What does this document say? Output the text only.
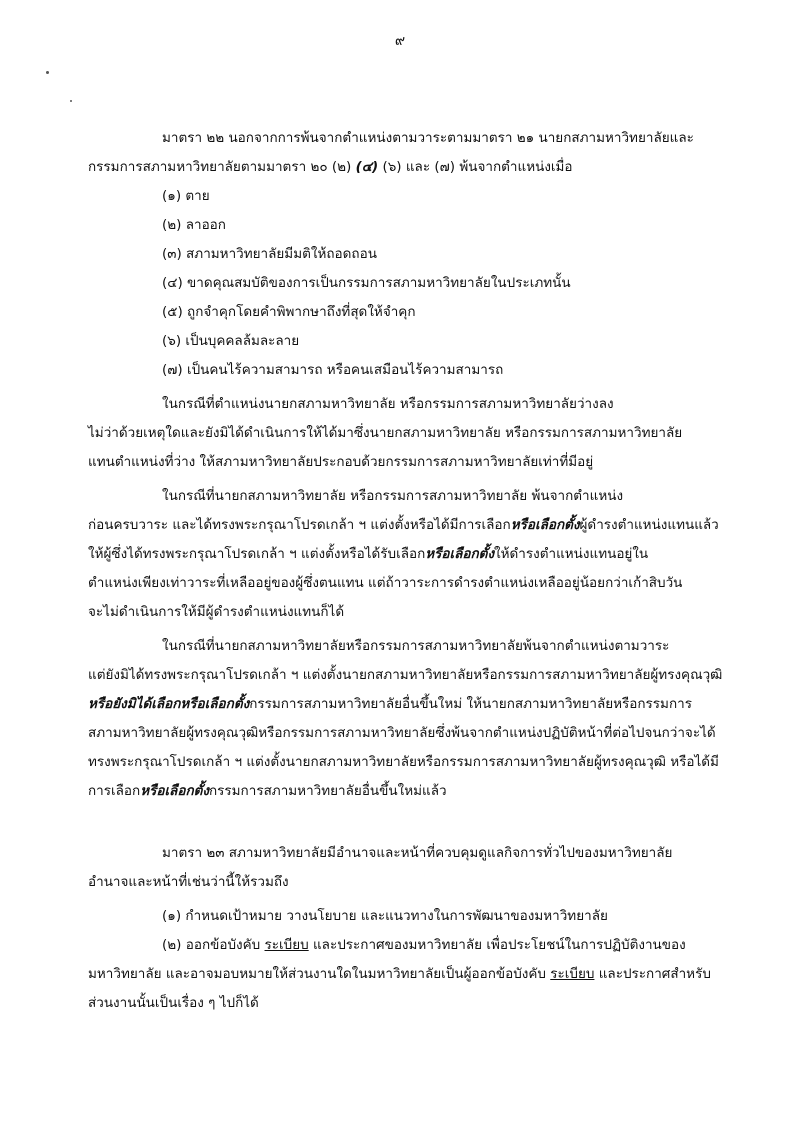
๙
มาตรา ๒๒ นอกจากการพ้นจากตำแหน่งตามวาระตามมาตรา ๒๑ นายกสภามหาวิทยาลัยและ
กรรมการสภามหาวิทยาลัยตามมาตรา ๒๐ (๒) (๔) (๖) และ (๗) พ้นจากตำแหน่งเมื่อ
(๑) ตาย
(๒) ลาออก
(๓) สภามหาวิทยาลัยมีมติให้ถอดถอน
(๔) ขาดคุณสมบัติของการเป็นกรรมการสภามหาวิทยาลัยในประเภทนั้น
(๕) ถูกจำคุกโดยคำพิพากษาถึงที่สุดให้จำคุก
(๖) เป็นบุคคลล้มละลาย
(๗) เป็นคนไร้ความสามารถ หรือคนเสมือนไร้ความสามารถ
ในกรณีที่ตำแหน่งนายกสภามหาวิทยาลัย หรือกรรมการสภามหาวิทยาลัยว่างลง
ไม่ว่าด้วยเหตุใดและยังมิได้ดำเนินการให้ได้มาซึ่งนายกสภามหาวิทยาลัย หรือกรรมการสภามหาวิทยาลัย
แทนตำแหน่งที่ว่าง ให้สภามหาวิทยาลัยประกอบด้วยกรรมการสภามหาวิทยาลัยเท่าที่มีอยู่
ในกรณีที่นายกสภามหาวิทยาลัย หรือกรรมการสภามหาวิทยาลัย พ้นจากตำแหน่ง
ก่อนครบวาระ และได้ทรงพระกรุณาโปรดเกล้า ฯ แต่งตั้งหรือได้มีการเลือกหรือเลือกตั้งผู้ดำรงตำแหน่งแทนแล้ว
ให้ผู้ซึ่งได้ทรงพระกรุณาโปรดเกล้า ฯ แต่งตั้งหรือได้รับเลือกหรือเลือกตั้งให้ดำรงตำแหน่งแทนอยู่ใน
ตำแหน่งเพียงเท่าวาระที่เหลืออยู่ของผู้ซึ่งตนแทน แต่ถ้าวาระการดำรงตำแหน่งเหลืออยู่น้อยกว่าเก้าสิบวัน
จะไม่ดำเนินการให้มีผู้ดำรงตำแหน่งแทนก็ได้
ในกรณีที่นายกสภามหาวิทยาลัยหรือกรรมการสภามหาวิทยาลัยพ้นจากตำแหน่งตามวาระ
แต่ยังมิได้ทรงพระกรุณาโปรดเกล้า ฯ แต่งตั้งนายกสภามหาวิทยาลัยหรือกรรมการสภามหาวิทยาลัยผู้ทรงคุณวุฒิ
หรือยังมิได้เลือกหรือเลือกตั้งกรรมการสภามหาวิทยาลัยอื่นขึ้นใหม่ ให้นายกสภามหาวิทยาลัยหรือกรรมการ
สภามหาวิทยาลัยผู้ทรงคุณวุฒิหรือกรรมการสภามหาวิทยาลัยซึ่งพ้นจากตำแหน่งปฏิบัติหน้าที่ต่อไปจนกว่าจะได้
ทรงพระกรุณาโปรดเกล้า ฯ แต่งตั้งนายกสภามหาวิทยาลัยหรือกรรมการสภามหาวิทยาลัยผู้ทรงคุณวุฒิ หรือได้มี
การเลือกหรือเลือกตั้งกรรมการสภามหาวิทยาลัยอื่นขึ้นใหม่แล้ว
มาตรา ๒๓ สภามหาวิทยาลัยมีอำนาจและหน้าที่ควบคุมดูแลกิจการทั่วไปของมหาวิทยาลัย
อำนาจและหน้าที่เช่นว่านี้ให้รวมถึง
(๑) กำหนดเป้าหมาย วางนโยบาย และแนวทางในการพัฒนาของมหาวิทยาลัย
(๒) ออกข้อบังคับ ระเบียบ และประกาศของมหาวิทยาลัย เพื่อประโยชน์ในการปฏิบัติงานของ
มหาวิทยาลัย และอาจมอบหมายให้ส่วนงานใดในมหาวิทยาลัยเป็นผู้ออกข้อบังคับ ระเบียบ และประกาศสำหรับ
ส่วนงานนั้นเป็นเรื่อง ๆ ไปก็ได้
